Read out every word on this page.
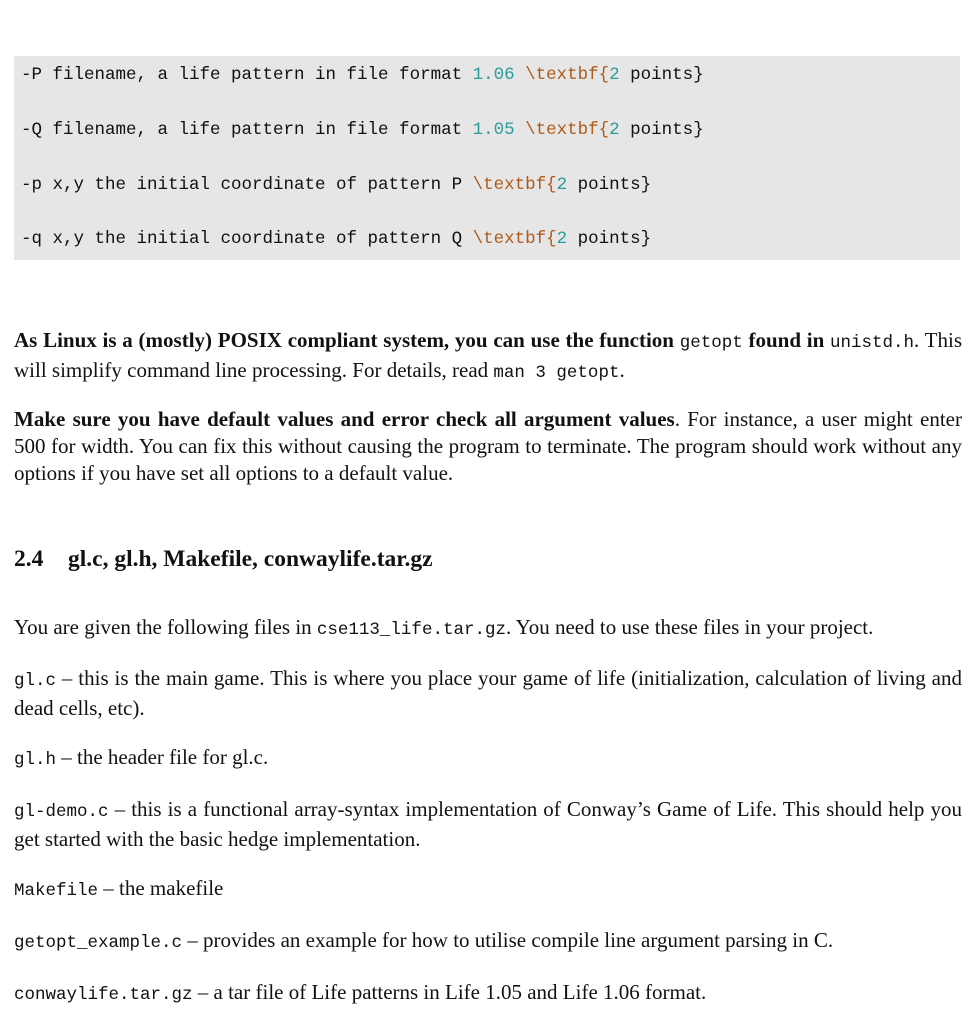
-P filename, a life pattern in file format 1.06 \textbf{2 points}
-Q filename, a life pattern in file format 1.05 \textbf{2 points}
-p x,y the initial coordinate of pattern P \textbf{2 points}
-q x,y the initial coordinate of pattern Q \textbf{2 points}
As Linux is a (mostly) POSIX compliant system, you can use the function getopt found in unistd.h. This will simplify command line processing. For details, read man 3 getopt.
Make sure you have default values and error check all argument values. For instance, a user might enter 500 for width. You can fix this without causing the program to terminate. The program should work without any options if you have set all options to a default value.
2.4 gl.c, gl.h, Makefile, conwaylife.tar.gz
You are given the following files in cse113_life.tar.gz. You need to use these files in your project.
gl.c – this is the main game. This is where you place your game of life (initialization, calculation of living and dead cells, etc).
gl.h – the header file for gl.c.
gl-demo.c – this is a functional array-syntax implementation of Conway’s Game of Life. This should help you get started with the basic hedge implementation.
Makefile – the makefile
getopt_example.c – provides an example for how to utilise compile line argument parsing in C.
conwaylife.tar.gz – a tar file of Life patterns in Life 1.05 and Life 1.06 format.
